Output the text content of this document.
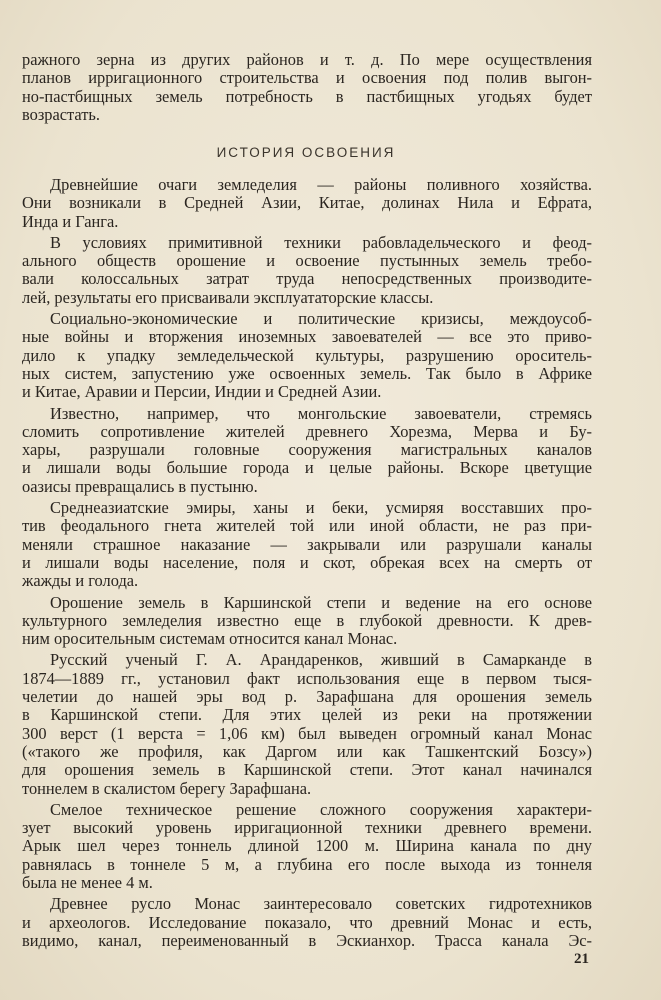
ражного зерна из других районов и т. д. По мере осуществления
планов ирригационного строительства и освоения под полив выгон-
но-пастбищных земель потребность в пастбищных угодьях будет
возрастать.
ИСТОРИЯ ОСВОЕНИЯ

Древнейшие очаги земледелия — районы поливного хозяйства.
Они возникали в Средней Азии, Китае, долинах Нила и Ефрата,
Инда и Ганга.

В условиях примитивной техники рабовладельческого и феод-
ального обществ орошение и освоение пустынных земель требо-
вали колоссальных затрат труда непосредственных производите-
лей, результаты его присваивали эксплуататорские классы.

Социально-экономические и политические кризисы, междоусоб-
ные войны и вторжения иноземных завоевателей — все это приво-
дило к упадку земледельческой культуры, разрушению ороситель-
ных систем, запустению уже освоенных земель. Так было в Африке
и Китае, Аравии и Персии, Индии и Средней Азии.

Известно, например, что монгольские завоеватели, стремясь
сломить сопротивление жителей древнего Хорезма, Мерва и Бу-
хары, разрушали головные сооружения магистральных каналов
и лишали воды большие города и целые районы. Вскоре цветущие
оазисы превращались в пустыню.

Среднеазиатские эмиры, ханы и беки, усмиряя восставших про-
тив феодального гнета жителей той или иной области, не раз при-
меняли страшное наказание — закрывали или разрушали каналы
и лишали воды население, поля и скот, обрекая всех на смерть от
жажды и голода.

Орошение земель в Каршинской степи и ведение на его основе
культурного земледелия известно еще в глубокой древности. К древ-
ним оросительным системам относится канал Монас.

Русский ученый Г. А. Арандаренков, живший в Самарканде в
1874—1889 гг., установил факт использования еще в первом тыся-
челетии до нашей эры вод р. Зарафшана для орошения земель
в Каршинской степи. Для этих целей из реки на протяжении
300 верст (1 верста = 1,06 км) был выведен огромный канал Монас
(«такого же профиля, как Даргом или как Ташкентский Бозсу»)
для орошения земель в Каршинской степи. Этот канал начинался
тоннелем в скалистом берегу Зарафшана.

Смелое техническое решение сложного сооружения характери-
зует высокий уровень ирригационной техники древнего времени.
Арык шел через тоннель длиной 1200 м. Ширина канала по дну
равнялась в тоннеле 5 м, а глубина его после выхода из тоннеля
была не менее 4 м.

Древнее русло Монас заинтересовало советских гидротехников
и археологов. Исследование показало, что древний Монас и есть,
видимо, канал, переименованный в Эскианхор. Трасса канала Эс-

21
